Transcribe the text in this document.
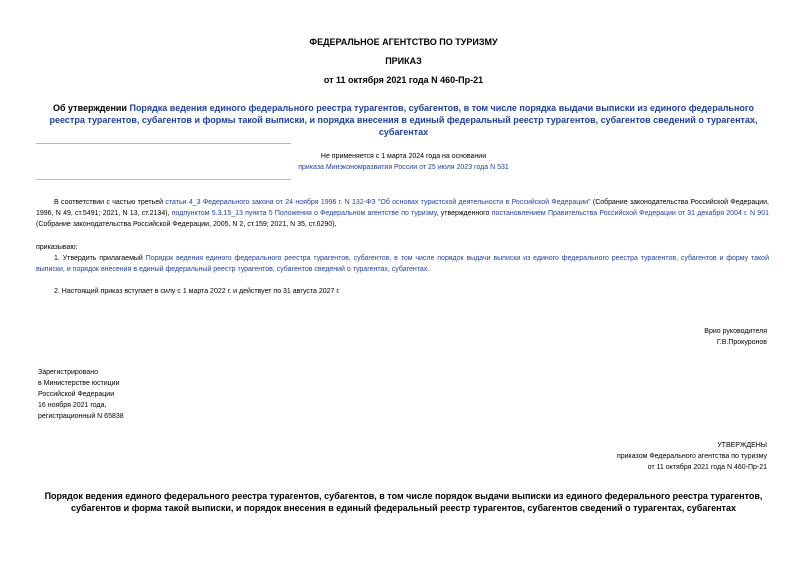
ФЕДЕРАЛЬНОЕ АГЕНТСТВО ПО ТУРИЗМУ
ПРИКАЗ
от 11 октября 2021 года N 460-Пр-21
Об утверждении Порядка ведения единого федерального реестра турагентов, субагентов, в том числе порядка выдачи выписки из единого федерального реестра турагентов, субагентов и формы такой выписки, и порядка внесения в единый федеральный реестр турагентов, субагентов сведений о турагентах, субагентах
Не применяется с 1 марта 2024 года на основании
приказа Минэкономразвития России от 25 июля 2023 года N 531
В соответствии с частью третьей статьи 4_3 Федерального закона от 24 ноября 1996 г. N 132-ФЗ "Об основах туристской деятельности в Российской Федерации" (Собрание законодательства Российской Федерации, 1996, N 49, ст.5491; 2021, N 13, ст.2134), подпунктом 5.3.15_13 пункта 5 Положения о Федеральном агентстве по туризму, утвержденного постановлением Правительства Российской Федерации от 31 декабря 2004 г. N 901 (Собрание законодательства Российской Федерации, 2005, N 2, ст.159; 2021, N 35, ст.6290),
приказываю:
1. Утвердить прилагаемый Порядок ведения единого федерального реестра турагентов, субагентов, в том числе порядок выдачи выписки из единого федерального реестра турагентов, субагентов и форму такой выписки, и порядок внесения в единый федеральный реестр турагентов, субагентов сведений о турагентах, субагентах.
2. Настоящий приказ вступает в силу с 1 марта 2022 г. и действует по 31 августа 2027 г.
Врио руководителя
Г.В.Прокуронов
Зарегистрировано
в Министерстве юстиции
Российской Федерации
16 ноября 2021 года,
регистрационный N 65838
УТВЕРЖДЕНЫ
приказом Федерального агентства по туризму
от 11 октября 2021 года N 460-Пр-21
Порядок ведения единого федерального реестра турагентов, субагентов, в том числе порядок выдачи выписки из единого федерального реестра турагентов, субагентов и форма такой выписки, и порядок внесения в единый федеральный реестр турагентов, субагентов сведений о турагентах, субагентах
